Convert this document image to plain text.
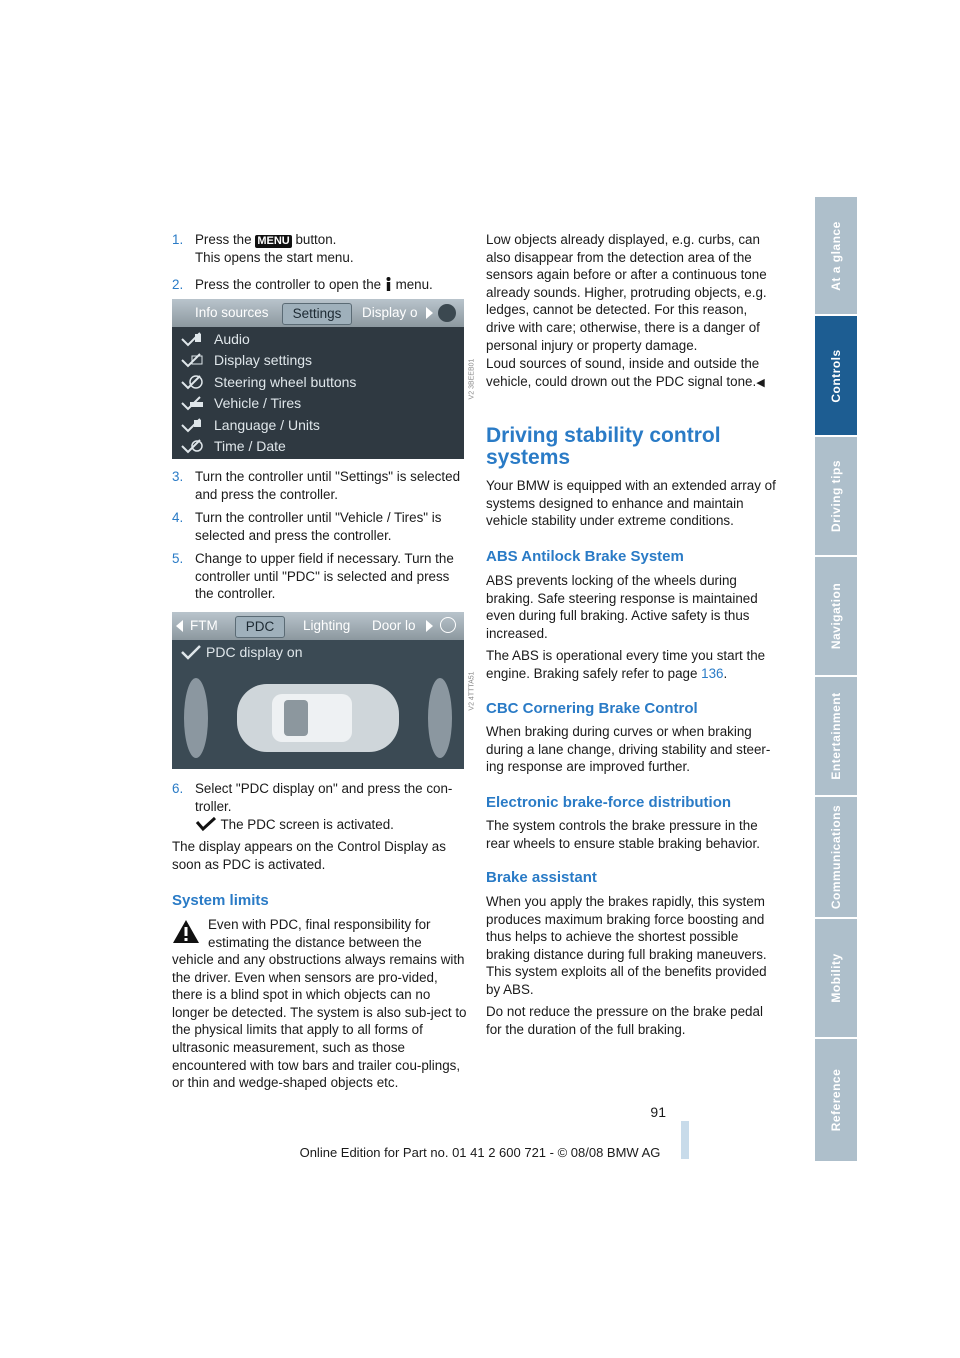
At a glance
Controls
Driving tips
Navigation
Entertainment
Communications
Mobility
Reference
1. Press the MENU button.
This opens the start menu.
2. Press the controller to open the menu.
Info sources	Settings	Display o
Audio
Display settings
Steering wheel buttons
Vehicle / Tires
Language / Units
Time / Date
V2 3BEEB01
3. Turn the controller until "Settings" is selected and press the controller.
4. Turn the controller until "Vehicle / Tires" is selected and press the controller.
5. Change to upper field if necessary. Turn the controller until "PDC" is selected and press the controller.
FTM	PDC	Lighting Door lo
PDC display on
V2 4TTTA51
6. Select "PDC display on" and press the con-troller.
The PDC screen is activated.
The display appears on the Control Display as soon as PDC is activated.
System limits
Even with PDC, final responsibility for estimating the distance between the
vehicle and any obstructions always remains with the driver. Even when sensors are pro-vided, there is a blind spot in which objects can no longer be detected. The system is also sub-ject to the physical limits that apply to all forms of ultrasonic measurement, such as those encountered with tow bars and trailer cou-plings, or thin and wedge-shaped objects etc.
Low objects already displayed, e.g. curbs, can also disappear from the detection area of the sensors again before or after a continuous tone already sounds. Higher, protruding objects, e.g. ledges, cannot be detected. For this reason, drive with care; otherwise, there is a danger of personal injury or property damage.
Loud sources of sound, inside and outside the vehicle, could drown out the PDC signal tone.◀
Driving stability control systems
Your BMW is equipped with an extended array of systems designed to enhance and maintain vehicle stability under extreme conditions.
ABS Antilock Brake System
ABS prevents locking of the wheels during braking. Safe steering response is maintained even during full braking. Active safety is thus increased.
The ABS is operational every time you start the engine. Braking safely refer to page 136.
CBC Cornering Brake Control
When braking during curves or when braking during a lane change, driving stability and steer-ing response are improved further.
Electronic brake-force distribution
The system controls the brake pressure in the rear wheels to ensure stable braking behavior.
Brake assistant
When you apply the brakes rapidly, this system produces maximum braking force boosting and thus helps to achieve the shortest possible braking distance during full braking maneuvers. This system exploits all of the benefits provided by ABS.
Do not reduce the pressure on the brake pedal for the duration of the full braking.
91
Online Edition for Part no. 01 41 2 600 721 - © 08/08 BMW AG
